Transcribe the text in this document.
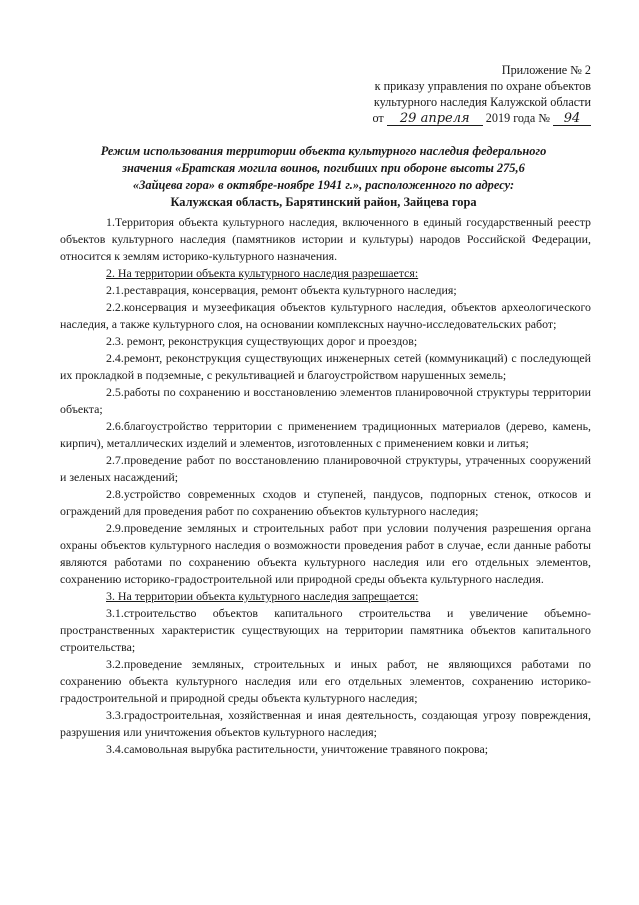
Приложение № 2
к приказу управления по охране объектов
культурного наследия Калужской области
от 29 апреля 2019 года № 94
Режим использования территории объекта культурного наследия федерального
значения «Братская могила воинов, погибших при обороне высоты 275,6
«Зайцева гора» в октябре-ноябре 1941 г.», расположенного по адресу:
Калужская область, Барятинский район, Зайцева гора

1.Территория объекта культурного наследия, включенного в единый государственный реестр объектов культурного наследия (памятников истории и культуры) народов Российской Федерации, относится к землям историко-культурного назначения.

2. На территории объекта культурного наследия разрешается:

2.1.реставрация, консервация, ремонт объекта культурного наследия;

2.2.консервация и музеефикация объектов культурного наследия, объектов археологического наследия, а также культурного слоя, на основании комплексных научно-исследовательских работ;

2.3. ремонт, реконструкция существующих дорог и проездов;

2.4.ремонт, реконструкция существующих инженерных сетей (коммуникаций) с последующей их прокладкой в подземные, с рекультивацией и благоустройством нарушенных земель;

2.5.работы по сохранению и восстановлению элементов планировочной структуры территории объекта;

2.6.благоустройство территории с применением традиционных материалов (дерево, камень, кирпич), металлических изделий и элементов, изготовленных с применением ковки и литья;

2.7.проведение работ по восстановлению планировочной структуры, утраченных сооружений и зеленых насаждений;

2.8.устройство современных сходов и ступеней, пандусов, подпорных стенок, откосов и ограждений для проведения работ по сохранению объектов культурного наследия;

2.9.проведение земляных и строительных работ при условии получения разрешения органа охраны объектов культурного наследия о возможности проведения работ в случае, если данные работы являются работами по сохранению объекта культурного наследия или его отдельных элементов, сохранению историко-градостроительной или природной среды объекта культурного наследия.

3. На территории объекта культурного наследия запрещается:

3.1.строительство объектов капитального строительства и увеличение объемно-пространственных характеристик существующих на территории памятника объектов капитального строительства;

3.2.проведение земляных, строительных и иных работ, не являющихся работами по сохранению объекта культурного наследия или его отдельных элементов, сохранению историко-градостроительной и природной среды объекта культурного наследия;

3.3.градостроительная, хозяйственная и иная деятельность, создающая угрозу повреждения, разрушения или уничтожения объектов культурного наследия;

3.4.самовольная вырубка растительности, уничтожение травяного покрова;
